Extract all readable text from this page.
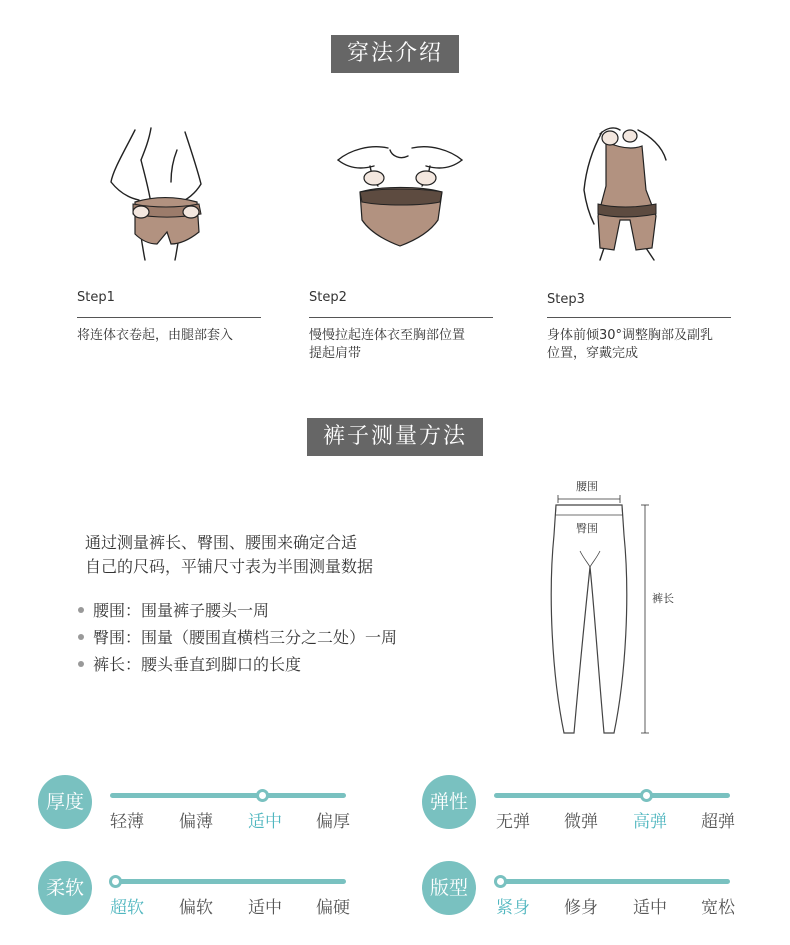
穿法介绍
Step1
将连体衣卷起，由腿部套入
Step2
慢慢拉起连体衣至胸部位置
提起肩带
Step3
身体前倾30°调整胸部及副乳
位置，穿戴完成
裤子测量方法
通过测量裤长、臀围、腰围来确定合适
自己的尺码，平铺尺寸表为半围测量数据
腰围：围量裤子腰头一周
臀围：围量（腰围直横档三分之二处）一周
裤长：腰头垂直到脚口的长度
腰围
臀围
裤长
厚度
轻薄 偏薄 适中 偏厚
弹性
无弹 微弹 高弹 超弹
柔软
超软 偏软 适中 偏硬
版型
紧身 修身 适中 宽松
